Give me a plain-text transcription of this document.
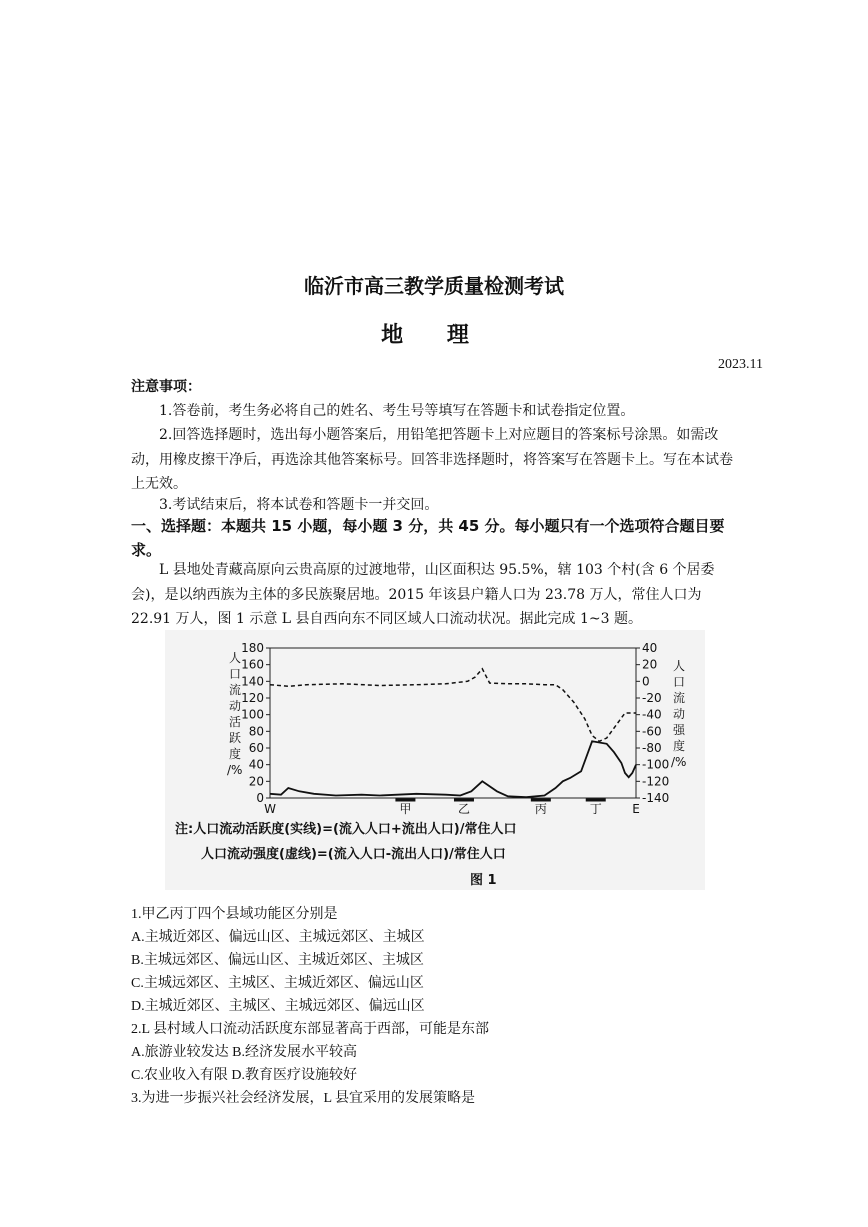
临沂市高三教学质量检测考试
地 理
2023.11
注意事项：

1.答卷前，考生务必将自己的姓名、考生号等填写在答题卡和试卷指定位置。

2.回答选择题时，选出每小题答案后，用铅笔把答题卡上对应题目的答案标号涂黑。如需改动，用橡皮擦干净后，再选涂其他答案标号。回答非选择题时，将答案写在答题卡上。写在本试卷上无效。

3.考试结束后，将本试卷和答题卡一并交回。

一、选择题：本题共 15 小题，每小题 3 分，共 45 分。每小题只有一个选项符合题目要求。

L 县地处青藏高原向云贵高原的过渡地带，山区面积达 95.5%，辖 103 个村(含 6 个居委会)，是以纳西族为主体的多民族聚居地。2015 年该县户籍人口为 23.78 万人，常住人口为 22.91 万人，图 1 示意 L 县自西向东不同区域人口流动状况。据此完成 1~3 题。

0
20
40
60
80
100
120
140
160
180	40
20
0
-20
-40
-60
-80
-100
-120
-140
W	甲	乙	丙	丁	E
人口流动活跃度/%
人口流动强度/%
注:人口流动活跃度(实线)=(流入人口+流出人口)/常住人口
人口流动强度(虚线)=(流入人口-流出人口)/常住人口
图 1
1.甲乙丙丁四个县域功能区分别是
A.主城近郊区、偏远山区、主城远郊区、主城区
B.主城远郊区、偏远山区、主城近郊区、主城区
C.主城远郊区、主城区、主城近郊区、偏远山区
D.主城近郊区、主城区、主城远郊区、偏远山区
2.L 县村域人口流动活跃度东部显著高于西部，可能是东部
A.旅游业较发达 B.经济发展水平较高
C.农业收入有限 D.教育医疗设施较好
3.为进一步振兴社会经济发展，L 县宜采用的发展策略是
